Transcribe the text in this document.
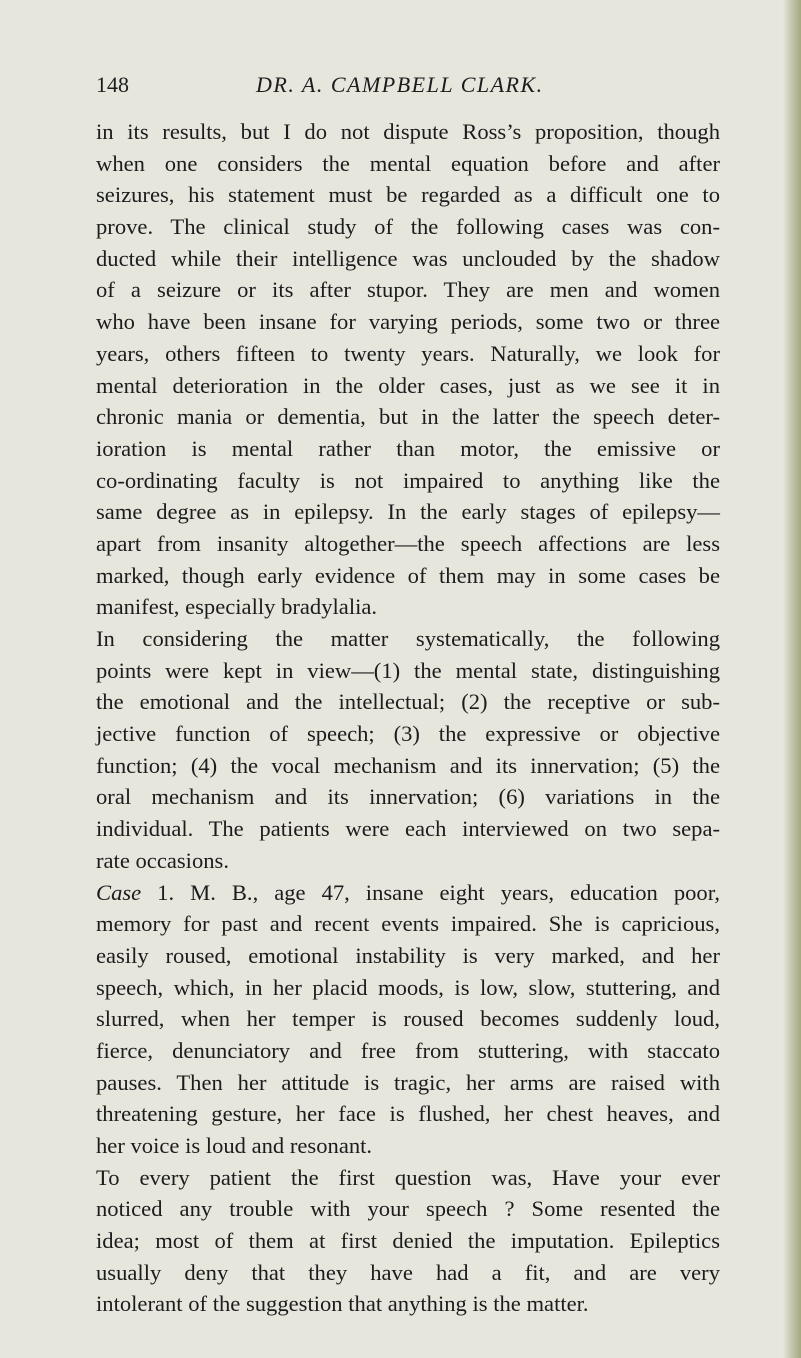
148	DR. A. CAMPBELL CLARK.
in its results, but I do not dispute Ross’s proposition, though
when one considers the mental equation before and after
seizures, his statement must be regarded as a difficult one to
prove. The clinical study of the following cases was con-
ducted while their intelligence was unclouded by the shadow
of a seizure or its after stupor. They are men and women
who have been insane for varying periods, some two or three
years, others fifteen to twenty years. Naturally, we look for
mental deterioration in the older cases, just as we see it in
chronic mania or dementia, but in the latter the speech deter-
ioration is mental rather than motor, the emissive or
co-ordinating faculty is not impaired to anything like the
same degree as in epilepsy. In the early stages of epilepsy—
apart from insanity altogether—the speech affections are less
marked, though early evidence of them may in some cases be
manifest, especially bradylalia.
In considering the matter systematically, the following
points were kept in view—(1) the mental state, distinguishing
the emotional and the intellectual; (2) the receptive or sub-
jective function of speech; (3) the expressive or objective
function; (4) the vocal mechanism and its innervation; (5) the
oral mechanism and its innervation; (6) variations in the
individual. The patients were each interviewed on two sepa-
rate occasions.
Case 1. M. B., age 47, insane eight years, education poor,
memory for past and recent events impaired. She is capricious,
easily roused, emotional instability is very marked, and her
speech, which, in her placid moods, is low, slow, stuttering, and
slurred, when her temper is roused becomes suddenly loud,
fierce, denunciatory and free from stuttering, with staccato
pauses. Then her attitude is tragic, her arms are raised with
threatening gesture, her face is flushed, her chest heaves, and
her voice is loud and resonant.
To every patient the first question was, Have your ever
noticed any trouble with your speech ? Some resented the
idea; most of them at first denied the imputation. Epileptics
usually deny that they have had a fit, and are very
intolerant of the suggestion that anything is the matter.
